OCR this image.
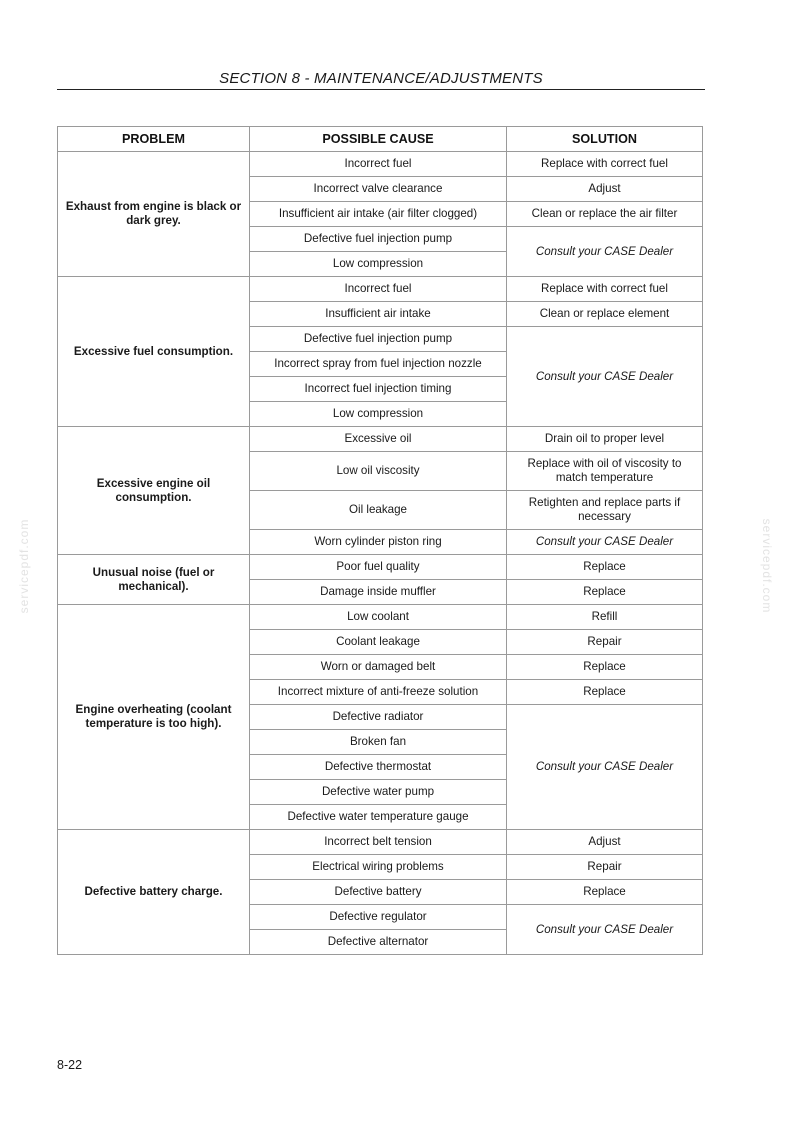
SECTION 8 - MAINTENANCE/ADJUSTMENTS
servicepdf.com	servicepdf.com
PROBLEM	POSSIBLE CAUSE	SOLUTION
Exhaust from engine is black or dark grey.	Incorrect fuel	Replace with correct fuel
	Incorrect valve clearance	Adjust
	Insufficient air intake (air filter clogged)	Clean or replace the air filter
	Defective fuel injection pump	Consult your CASE Dealer
	Low compression	
Excessive fuel consumption.	Incorrect fuel	Replace with correct fuel
	Insufficient air intake	Clean or replace element
	Defective fuel injection pump	Consult your CASE Dealer
	Incorrect spray from fuel injection nozzle	
	Incorrect fuel injection timing	
	Low compression	
Excessive engine oil consumption.	Excessive oil	Drain oil to proper level
	Low oil viscosity	Replace with oil of viscosity to match temperature
	Oil leakage	Retighten and replace parts if necessary
	Worn cylinder piston ring	Consult your CASE Dealer
Unusual noise (fuel or mechanical).	Poor fuel quality	Replace
	Damage inside muffler	Replace
Engine overheating (coolant temperature is too high).	Low coolant	Refill
	Coolant leakage	Repair
	Worn or damaged belt	Replace
	Incorrect mixture of anti-freeze solution	Replace
	Defective radiator	Consult your CASE Dealer
	Broken fan	
	Defective thermostat	
	Defective water pump	
	Defective water temperature gauge	
Defective battery charge.	Incorrect belt tension	Adjust
	Electrical wiring problems	Repair
	Defective battery	Replace
	Defective regulator	Consult your CASE Dealer
	Defective alternator	
8-22
